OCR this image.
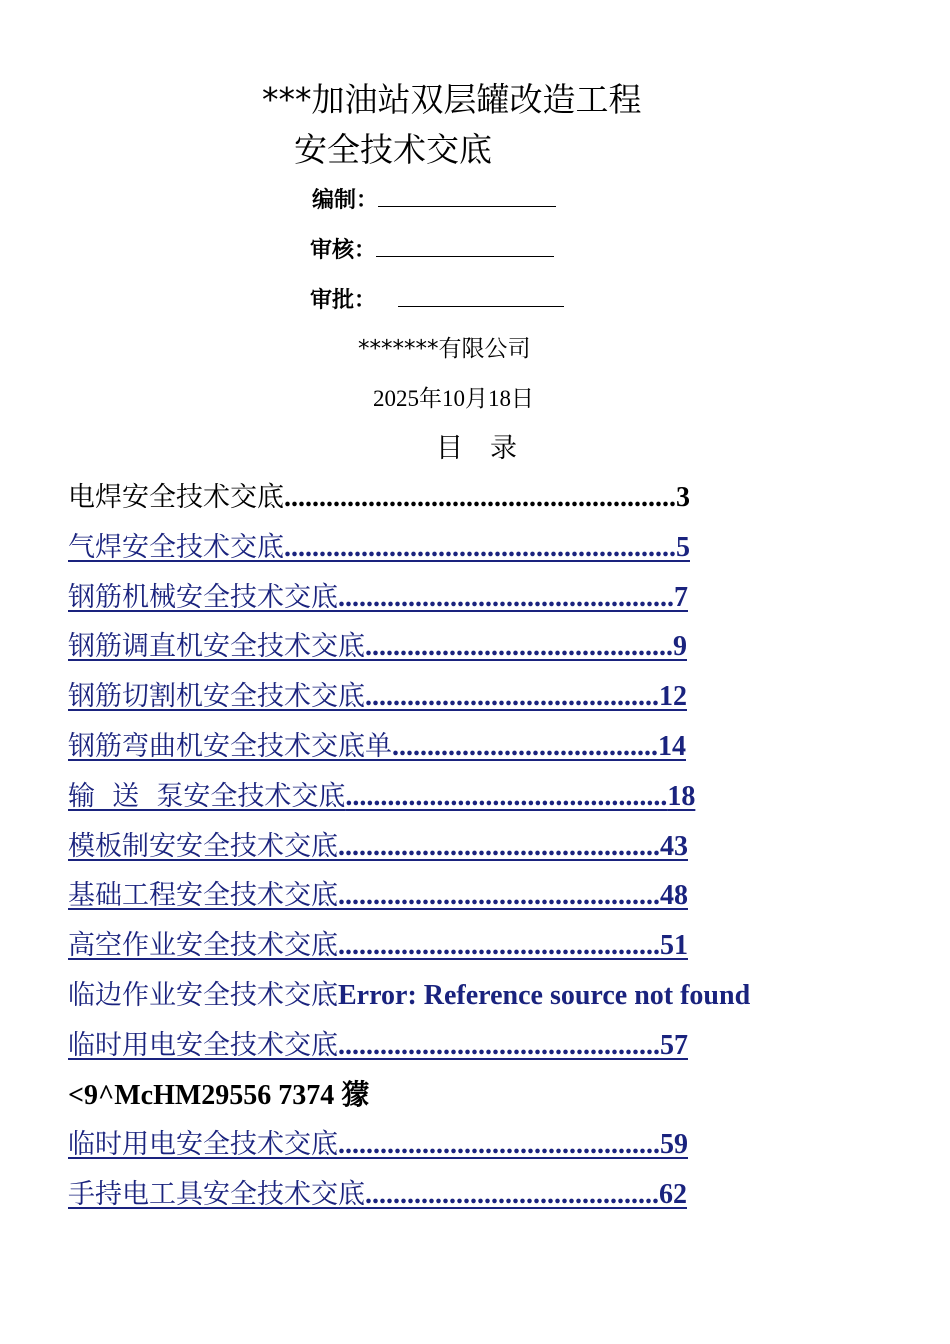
***加油站双层罐改造工程
安全技术交底
编制：
审核：
审批：
*******有限公司
2025年10月18日
目　录
电焊安全技术交底........................................................3
气焊安全技术交底........................................................5
钢筋机械安全技术交底................................................7
钢筋调直机安全技术交底............................................9
钢筋切割机安全技术交底..........................................12
钢筋弯曲机安全技术交底单......................................14
输  送  泵安全技术交底..............................................18
模板制安安全技术交底..............................................43
基础工程安全技术交底..............................................48
高空作业安全技术交底..............................................51
临边作业安全技术交底Error: Reference source not found
临时用电安全技术交底..............................................57
<9^McHM29556 7374 獴
临时用电安全技术交底..............................................59
手持电工具安全技术交底..........................................62
